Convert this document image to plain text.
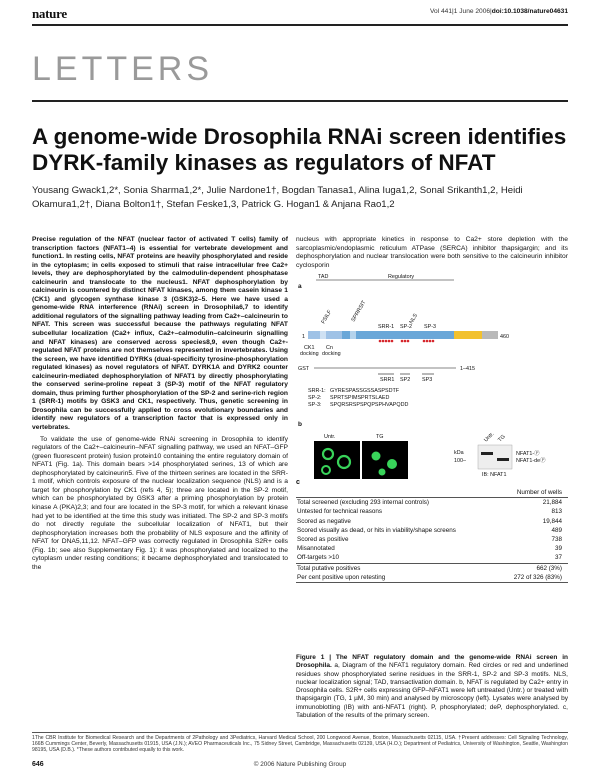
nature	Vol 441|1 June 2006|doi:10.1038/nature04631
LETTERS
A genome-wide Drosophila RNAi screen identifies DYRK-family kinases as regulators of NFAT
Yousang Gwack1,2*, Sonia Sharma1,2*, Julie Nardone1†, Bogdan Tanasa1, Alina Iuga1,2, Sonal Srikanth1,2, Heidi Okamura1,2†, Diana Bolton1†, Stefan Feske1,3, Patrick G. Hogan1 & Anjana Rao1,2

Precise regulation of the NFAT (nuclear factor of activated T cells) family of transcription factors (NFAT1–4) is essential for vertebrate development and function1. In resting cells, NFAT proteins are heavily phosphorylated and reside in the cytoplasm; in cells exposed to stimuli that raise intracellular free Ca2+ levels, they are dephosphorylated by the calmodulin-dependent phosphatase calcineurin and translocate to the nucleus1. NFAT dephosphorylation by calcineurin is countered by distinct NFAT kinases, among them casein kinase 1 (CK1) and glycogen synthase kinase 3 (GSK3)2–5. Here we have used a genome-wide RNA interference (RNAi) screen in Drosophila6,7 to identify additional regulators of the signalling pathway leading from Ca2+–calcineurin to NFAT. This screen was successful because the pathways regulating NFAT subcellular localization (Ca2+ influx, Ca2+–calmodulin–calcineurin signalling and NFAT kinases) are conserved across species8,9, even though Ca2+-regulated NFAT proteins are not themselves represented in invertebrates. Using the screen, we have identified DYRKs (dual-specificity tyrosine-phosphorylation regulated kinases) as novel regulators of NFAT. DYRK1A and DYRK2 counter calcineurin-mediated dephosphorylation of NFAT1 by directly phosphorylating the conserved serine-proline repeat 3 (SP-3) motif of the NFAT regulatory domain, thus priming further phosphorylation of the SP-2 and serine-rich region 1 (SRR-1) motifs by GSK3 and CK1, respectively. Thus, genetic screening in Drosophila can be successfully applied to cross evolutionary boundaries and identify new regulators of a transcription factor that is expressed only in vertebrates.

To validate the use of genome-wide RNAi screening in Drosophila to identify regulators of the Ca2+–calcineurin–NFAT signalling pathway, we used an NFAT–GFP (green fluorescent protein) fusion protein10 containing the entire regulatory domain of NFAT1 (Fig. 1a). This domain bears >14 phosphorylated serines, 13 of which are dephosphorylated by calcineurin5. Five of the thirteen serines are located in the SRR-1 motif, which controls exposure of the nuclear localization sequence (NLS) and is a target for phosphorylation by CK1 (refs 4, 5); three are located in the SP-2 motif, which can be phosphorylated by GSK3 after a priming phosphorylation by protein kinase A (PKA)2,3; and four are located in the SP-3 motif, for which a relevant kinase had yet to be identified at the time this study was initiated. The SP-2 and SP-3 motifs do not directly regulate the subcellular localization of NFAT1, but their dephosphorylation increases both the probability of NLS exposure and the affinity of NFAT for DNA5,11,12. NFAT–GFP was correctly regulated in Drosophila S2R+ cells (Fig. 1b; see also Supplementary Fig. 1): it was phosphorylated and localized to the cytoplasm under resting conditions; it became dephosphorylated and translocated to the

nucleus with appropriate kinetics in response to Ca2+ store depletion with the sarcoplasmic/endoplasmic reticulum ATPase (SERCA) inhibitor thapsigargin; and its dephosphorylation and nuclear translocation were both sensitive to the calcineurin inhibitor cyclosporin
a
TAD	Regulatory
FSILF	SPRRSIT
SRR-1
NLS
SP-2 SP-3
1	460
CK1
docking
Cn
docking
GST	1–415
SRR1 SP2 SP3
SRR-1: GYRESPASSGSSASPSDTF
SP-2: SPRTSPIMSPRTSLAED
SP-3: SPQRSRSPSPQPSPHVAPQDD
b
Untr.	TG	Untr. TG
kDa
100–
NFAT1-Ⓟ
NFAT1-deⓅ
IB: NFAT1
c
	Number of wells
Total screened (excluding 293 internal controls)	21,884
Untested for technical reasons	813
Scored as negative	19,844
Scored visually as dead, or hits in viability/shape screens	489
Scored as positive	738
Misannotated	39
Off-targets >10	37
Total putative positives	662 (3%)
Per cent positive upon retesting	272 of 326 (83%)
Figure 1 | The NFAT regulatory domain and the genome-wide RNAi screen in Drosophila. a, Diagram of the NFAT1 regulatory domain. Red circles or red and underlined residues show phosphorylated serine residues in the SRR-1, SP-2 and SP-3 motifs. NLS, nuclear localization signal; TAD, transactivation domain. b, NFAT is regulated by Ca2+ entry in Drosophila cells. S2R+ cells expressing GFP–NFAT1 were left untreated (Untr.) or treated with thapsigargin (TG, 1 µM, 30 min) and analysed by microscopy (left). Lysates were analysed by immunoblotting (IB) with anti-NFAT1 (right). P, phosphorylated; deP, dephosphorylated. c, Tabulation of the results of the primary screen.
1The CBR Institute for Biomedical Research and the Departments of 2Pathology and 3Pediatrics, Harvard Medical School, 200 Longwood Avenue, Boston, Massachusetts 02115, USA. †Present addresses: Cell Signaling Technology, 166B Cummings Center, Beverly, Massachusetts 01915, USA (J.N.); AVEO Pharmaceuticals Inc., 75 Sidney Street, Cambridge, Massachusetts 02139, USA (H.O.); Department of Pediatrics, University of Washington, Seattle, Washington 98195, USA (D.B.). *These authors contributed equally to this work.
© 2006 Nature Publishing Group
646
